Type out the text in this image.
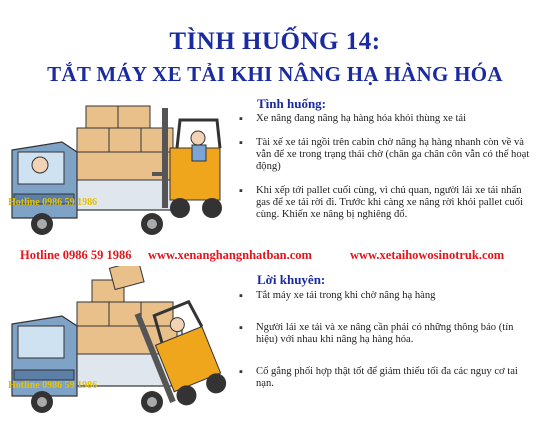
TÌNH HUỐNG 14:
TẮT MÁY XE TẢI KHI NÂNG HẠ HÀNG HÓA
Hotline 0986 59 1986
Hotline 0986 59 1986

Tình huống:

▪ Xe nâng đang nâng hạ hàng hóa khỏi thùng xe tải
▪ Tài xế xe tải ngồi trên cabin chờ nâng hạ hàng nhanh còn về và vẫn để xe trong trạng thái chờ (chân ga chân côn vẫn có thể hoạt động)
▪ Khi xếp tới pallet cuối cùng, vì chủ quan, người lái xe tải nhấn gas để xe tải rời đi. Trước khi càng xe nâng rời khỏi pallet cuối cùng. Khiến xe nâng bị nghiêng đổ.
Hotline 0986 59 1986 www.xenanghangnhatban.com	www.xetaihowosinotruk.com

Lời khuyên:

▪ Tắt máy xe tải trong khi chờ nâng hạ hàng
▪ Người lái xe tải và xe nâng cần phải có những thông báo (tín hiệu) với nhau khi nâng hạ hàng hóa.
▪ Cố gắng phối hợp thật tốt để giảm thiểu tối đa các nguy cơ tai nạn.
